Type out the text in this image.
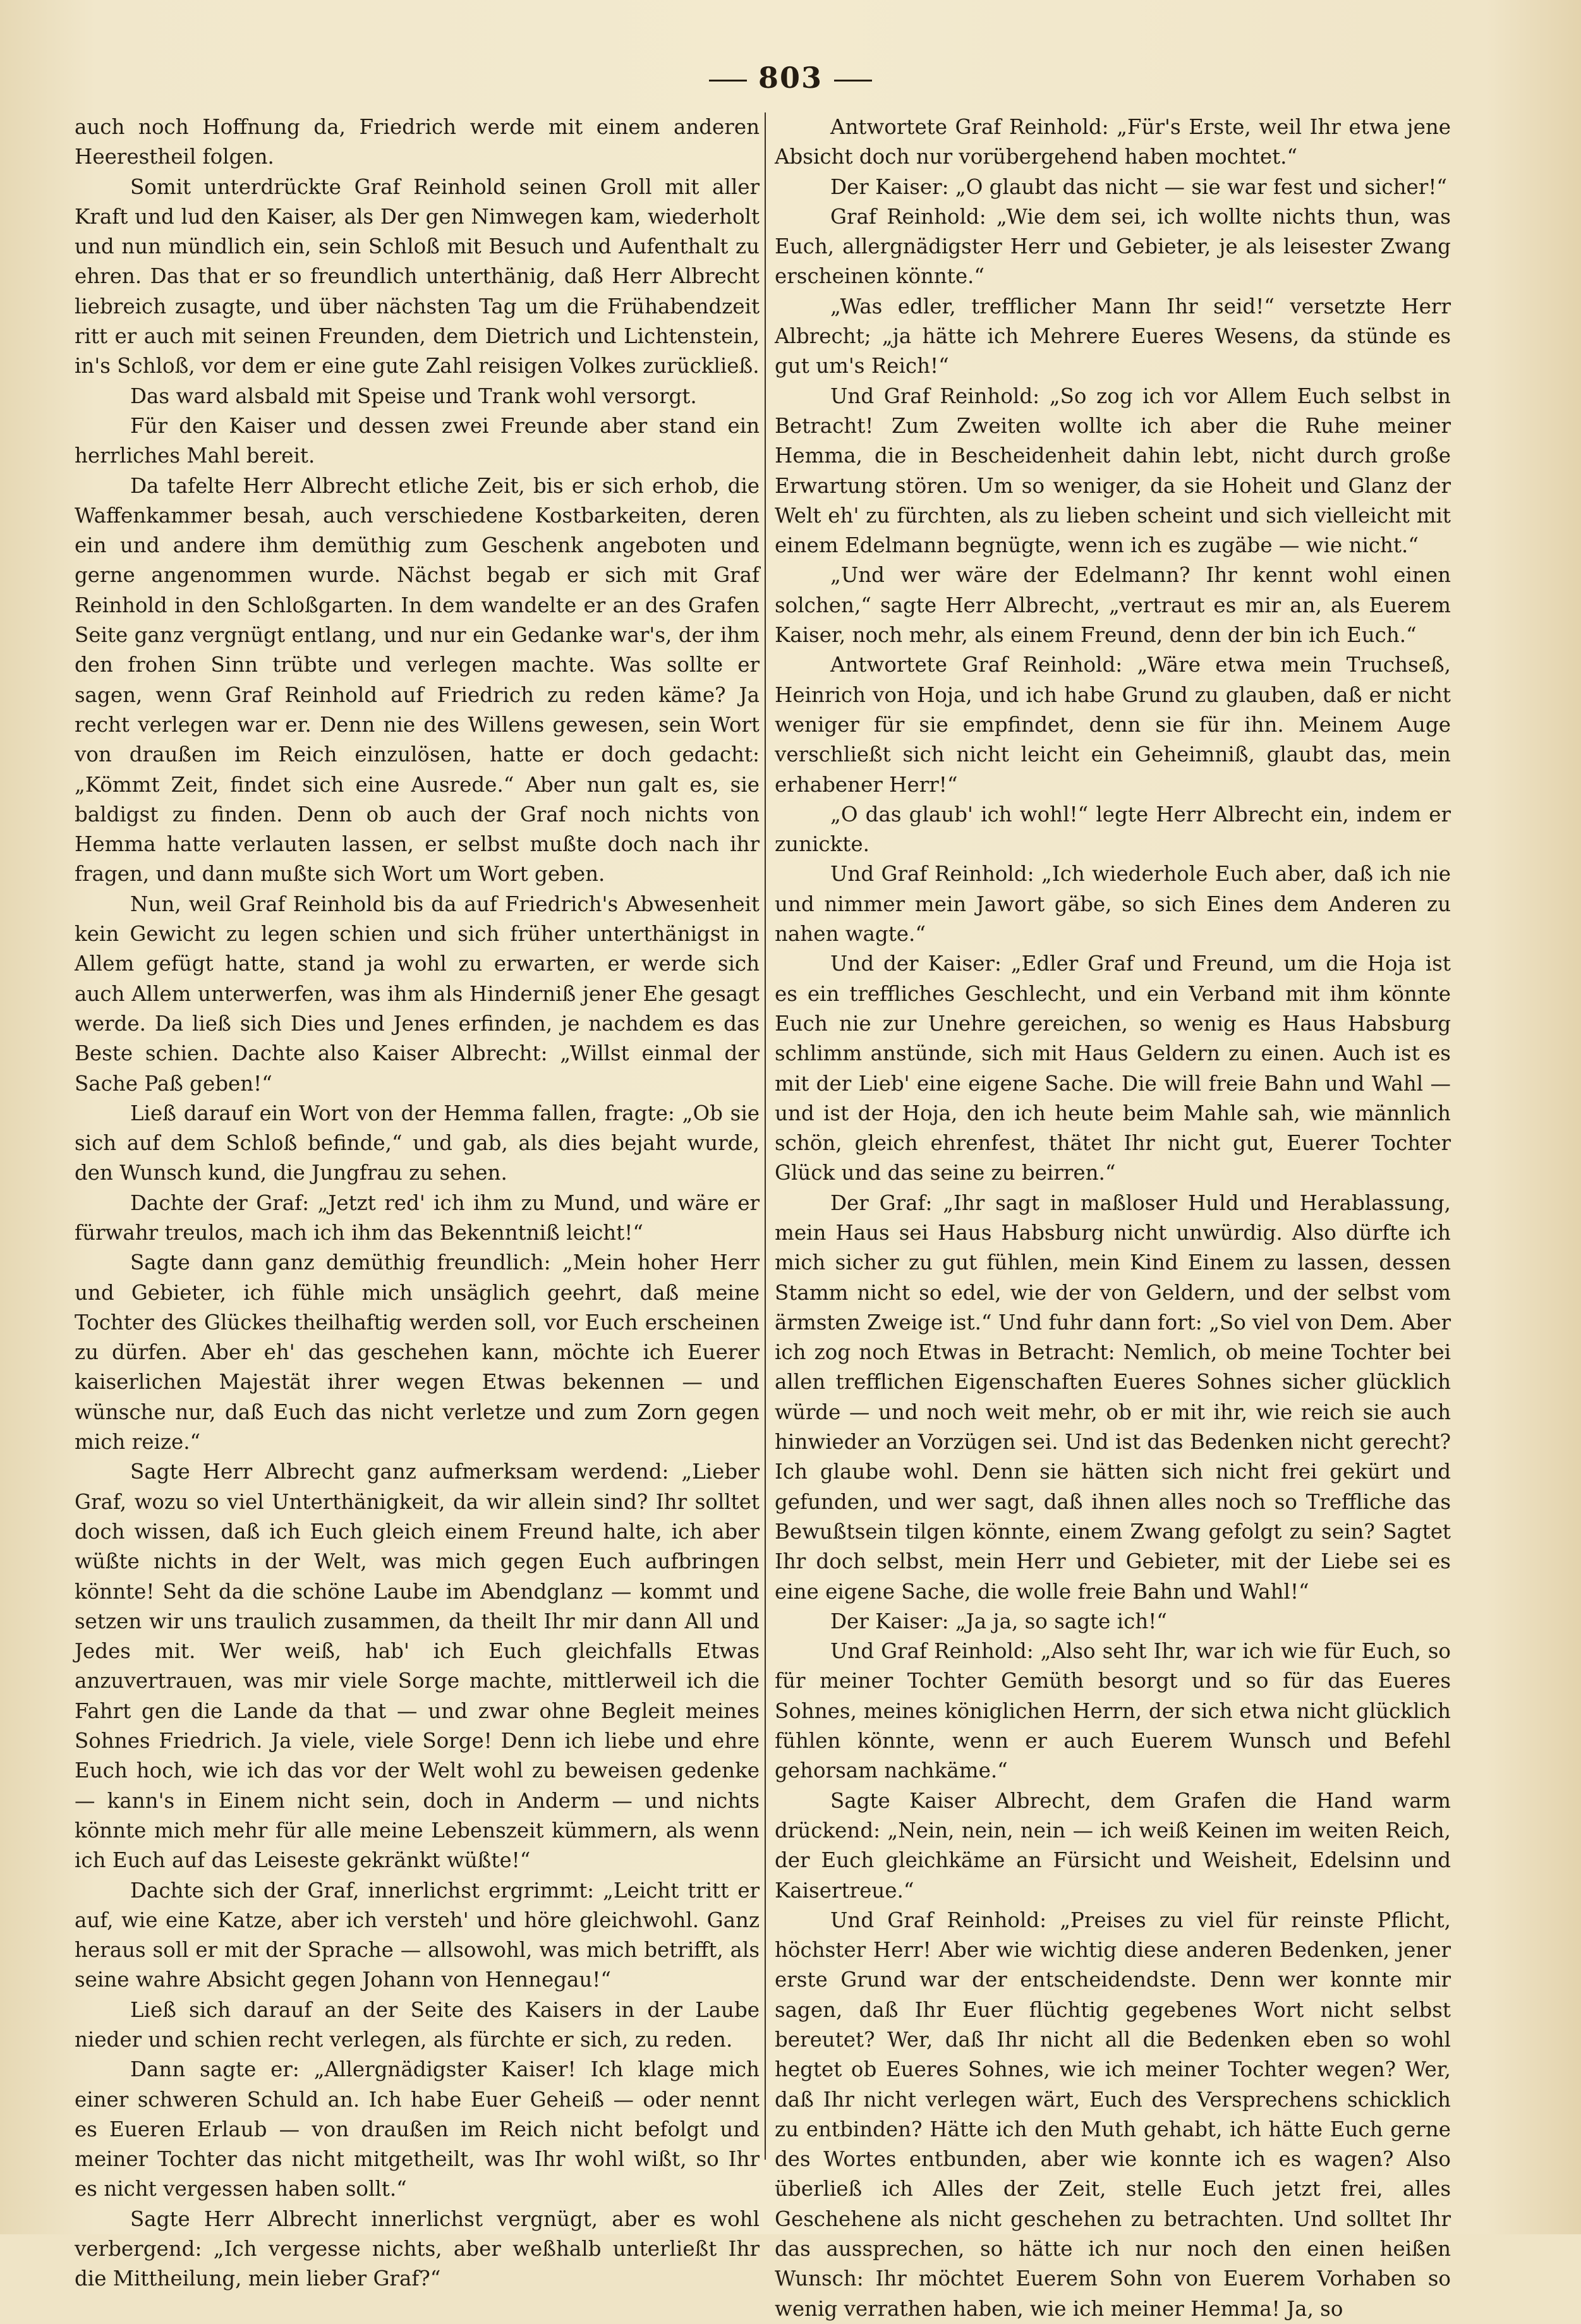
803

auch noch Hoffnung da, Friedrich werde mit einem anderen Heerestheil folgen.

Somit unterdrückte Graf Reinhold seinen Groll mit aller Kraft und lud den Kaiser, als Der gen Nimwegen kam, wiederholt und nun mündlich ein, sein Schloß mit Besuch und Aufenthalt zu ehren. Das that er so freundlich unterthänig, daß Herr Albrecht liebreich zusagte, und über nächsten Tag um die Frühabendzeit ritt er auch mit seinen Freunden, dem Dietrich und Lichtenstein, in's Schloß, vor dem er eine gute Zahl reisigen Volkes zurückließ.

Das ward alsbald mit Speise und Trank wohl versorgt.

Für den Kaiser und dessen zwei Freunde aber stand ein herrliches Mahl bereit.

Da tafelte Herr Albrecht etliche Zeit, bis er sich erhob, die Waffenkammer besah, auch verschiedene Kostbarkeiten, deren ein und andere ihm demüthig zum Geschenk angeboten und gerne angenommen wurde. Nächst begab er sich mit Graf Reinhold in den Schloßgarten. In dem wandelte er an des Grafen Seite ganz vergnügt entlang, und nur ein Gedanke war's, der ihm den frohen Sinn trübte und verlegen machte. Was sollte er sagen, wenn Graf Reinhold auf Friedrich zu reden käme? Ja recht verlegen war er. Denn nie des Willens gewesen, sein Wort von draußen im Reich einzulösen, hatte er doch gedacht: „Kömmt Zeit, findet sich eine Ausrede.“ Aber nun galt es, sie baldigst zu finden. Denn ob auch der Graf noch nichts von Hemma hatte verlauten lassen, er selbst mußte doch nach ihr fragen, und dann mußte sich Wort um Wort geben.

Nun, weil Graf Reinhold bis da auf Friedrich's Abwesenheit kein Gewicht zu legen schien und sich früher unterthänigst in Allem gefügt hatte, stand ja wohl zu erwarten, er werde sich auch Allem unterwerfen, was ihm als Hinderniß jener Ehe gesagt werde. Da ließ sich Dies und Jenes erfinden, je nachdem es das Beste schien. Dachte also Kaiser Albrecht: „Willst einmal der Sache Paß geben!“

Ließ darauf ein Wort von der Hemma fallen, fragte: „Ob sie sich auf dem Schloß befinde,“ und gab, als dies bejaht wurde, den Wunsch kund, die Jungfrau zu sehen.

Dachte der Graf: „Jetzt red' ich ihm zu Mund, und wäre er fürwahr treulos, mach ich ihm das Bekenntniß leicht!“

Sagte dann ganz demüthig freundlich: „Mein hoher Herr und Gebieter, ich fühle mich unsäglich geehrt, daß meine Tochter des Glückes theilhaftig werden soll, vor Euch erscheinen zu dürfen. Aber eh' das geschehen kann, möchte ich Euerer kaiserlichen Majestät ihrer wegen Etwas bekennen — und wünsche nur, daß Euch das nicht verletze und zum Zorn gegen mich reize.“

Sagte Herr Albrecht ganz aufmerksam werdend: „Lieber Graf, wozu so viel Unterthänigkeit, da wir allein sind? Ihr solltet doch wissen, daß ich Euch gleich einem Freund halte, ich aber wüßte nichts in der Welt, was mich gegen Euch aufbringen könnte! Seht da die schöne Laube im Abendglanz — kommt und setzen wir uns traulich zusammen, da theilt Ihr mir dann All und Jedes mit. Wer weiß, hab' ich Euch gleichfalls Etwas anzuvertrauen, was mir viele Sorge machte, mittlerweil ich die Fahrt gen die Lande da that — und zwar ohne Begleit meines Sohnes Friedrich. Ja viele, viele Sorge! Denn ich liebe und ehre Euch hoch, wie ich das vor der Welt wohl zu beweisen gedenke — kann's in Einem nicht sein, doch in Anderm — und nichts könnte mich mehr für alle meine Lebenszeit kümmern, als wenn ich Euch auf das Leiseste gekränkt wüßte!“

Dachte sich der Graf, innerlichst ergrimmt: „Leicht tritt er auf, wie eine Katze, aber ich versteh' und höre gleichwohl. Ganz heraus soll er mit der Sprache — allsowohl, was mich betrifft, als seine wahre Absicht gegen Johann von Hennegau!“

Ließ sich darauf an der Seite des Kaisers in der Laube nieder und schien recht verlegen, als fürchte er sich, zu reden.

Dann sagte er: „Allergnädigster Kaiser! Ich klage mich einer schweren Schuld an. Ich habe Euer Geheiß — oder nennt es Eueren Erlaub — von draußen im Reich nicht befolgt und meiner Tochter das nicht mitgetheilt, was Ihr wohl wißt, so Ihr es nicht vergessen haben sollt.“

Sagte Herr Albrecht innerlichst vergnügt, aber es wohl verbergend: „Ich vergesse nichts, aber weßhalb unterließt Ihr die Mittheilung, mein lieber Graf?“

Antwortete Graf Reinhold: „Für's Erste, weil Ihr etwa jene Absicht doch nur vorübergehend haben mochtet.“

Der Kaiser: „O glaubt das nicht — sie war fest und sicher!“

Graf Reinhold: „Wie dem sei, ich wollte nichts thun, was Euch, allergnädigster Herr und Gebieter, je als leisester Zwang erscheinen könnte.“

„Was edler, trefflicher Mann Ihr seid!“ versetzte Herr Albrecht; „ja hätte ich Mehrere Eueres Wesens, da stünde es gut um's Reich!“

Und Graf Reinhold: „So zog ich vor Allem Euch selbst in Betracht! Zum Zweiten wollte ich aber die Ruhe meiner Hemma, die in Bescheidenheit dahin lebt, nicht durch große Erwartung stören. Um so weniger, da sie Hoheit und Glanz der Welt eh' zu fürchten, als zu lieben scheint und sich vielleicht mit einem Edelmann begnügte, wenn ich es zugäbe — wie nicht.“

„Und wer wäre der Edelmann? Ihr kennt wohl einen solchen,“ sagte Herr Albrecht, „vertraut es mir an, als Euerem Kaiser, noch mehr, als einem Freund, denn der bin ich Euch.“

Antwortete Graf Reinhold: „Wäre etwa mein Truchseß, Heinrich von Hoja, und ich habe Grund zu glauben, daß er nicht weniger für sie empfindet, denn sie für ihn. Meinem Auge verschließt sich nicht leicht ein Geheimniß, glaubt das, mein erhabener Herr!“

„O das glaub' ich wohl!“ legte Herr Albrecht ein, indem er zunickte.

Und Graf Reinhold: „Ich wiederhole Euch aber, daß ich nie und nimmer mein Jawort gäbe, so sich Eines dem Anderen zu nahen wagte.“

Und der Kaiser: „Edler Graf und Freund, um die Hoja ist es ein treffliches Geschlecht, und ein Verband mit ihm könnte Euch nie zur Unehre gereichen, so wenig es Haus Habsburg schlimm anstünde, sich mit Haus Geldern zu einen. Auch ist es mit der Lieb' eine eigene Sache. Die will freie Bahn und Wahl — und ist der Hoja, den ich heute beim Mahle sah, wie männlich schön, gleich ehrenfest, thätet Ihr nicht gut, Euerer Tochter Glück und das seine zu beirren.“

Der Graf: „Ihr sagt in maßloser Huld und Herablassung, mein Haus sei Haus Habsburg nicht unwürdig. Also dürfte ich mich sicher zu gut fühlen, mein Kind Einem zu lassen, dessen Stamm nicht so edel, wie der von Geldern, und der selbst vom ärmsten Zweige ist.“ Und fuhr dann fort: „So viel von Dem. Aber ich zog noch Etwas in Betracht: Nemlich, ob meine Tochter bei allen trefflichen Eigenschaften Eueres Sohnes sicher glücklich würde — und noch weit mehr, ob er mit ihr, wie reich sie auch hinwieder an Vorzügen sei. Und ist das Bedenken nicht gerecht? Ich glaube wohl. Denn sie hätten sich nicht frei gekürt und gefunden, und wer sagt, daß ihnen alles noch so Treffliche das Bewußtsein tilgen könnte, einem Zwang gefolgt zu sein? Sagtet Ihr doch selbst, mein Herr und Gebieter, mit der Liebe sei es eine eigene Sache, die wolle freie Bahn und Wahl!“

Der Kaiser: „Ja ja, so sagte ich!“

Und Graf Reinhold: „Also seht Ihr, war ich wie für Euch, so für meiner Tochter Gemüth besorgt und so für das Eueres Sohnes, meines königlichen Herrn, der sich etwa nicht glücklich fühlen könnte, wenn er auch Euerem Wunsch und Befehl gehorsam nachkäme.“

Sagte Kaiser Albrecht, dem Grafen die Hand warm drückend: „Nein, nein, nein — ich weiß Keinen im weiten Reich, der Euch gleichkäme an Fürsicht und Weisheit, Edelsinn und Kaisertreue.“

Und Graf Reinhold: „Preises zu viel für reinste Pflicht, höchster Herr! Aber wie wichtig diese anderen Bedenken, jener erste Grund war der entscheidendste. Denn wer konnte mir sagen, daß Ihr Euer flüchtig gegebenes Wort nicht selbst bereutet? Wer, daß Ihr nicht all die Bedenken eben so wohl hegtet ob Eueres Sohnes, wie ich meiner Tochter wegen? Wer, daß Ihr nicht verlegen wärt, Euch des Versprechens schicklich zu entbinden? Hätte ich den Muth gehabt, ich hätte Euch gerne des Wortes entbunden, aber wie konnte ich es wagen? Also überließ ich Alles der Zeit, stelle Euch jetzt frei, alles Geschehene als nicht geschehen zu betrachten. Und solltet Ihr das aussprechen, so hätte ich nur noch den einen heißen Wunsch: Ihr möchtet Euerem Sohn von Euerem Vorhaben so wenig verrathen haben, wie ich meiner Hemma! Ja, so
